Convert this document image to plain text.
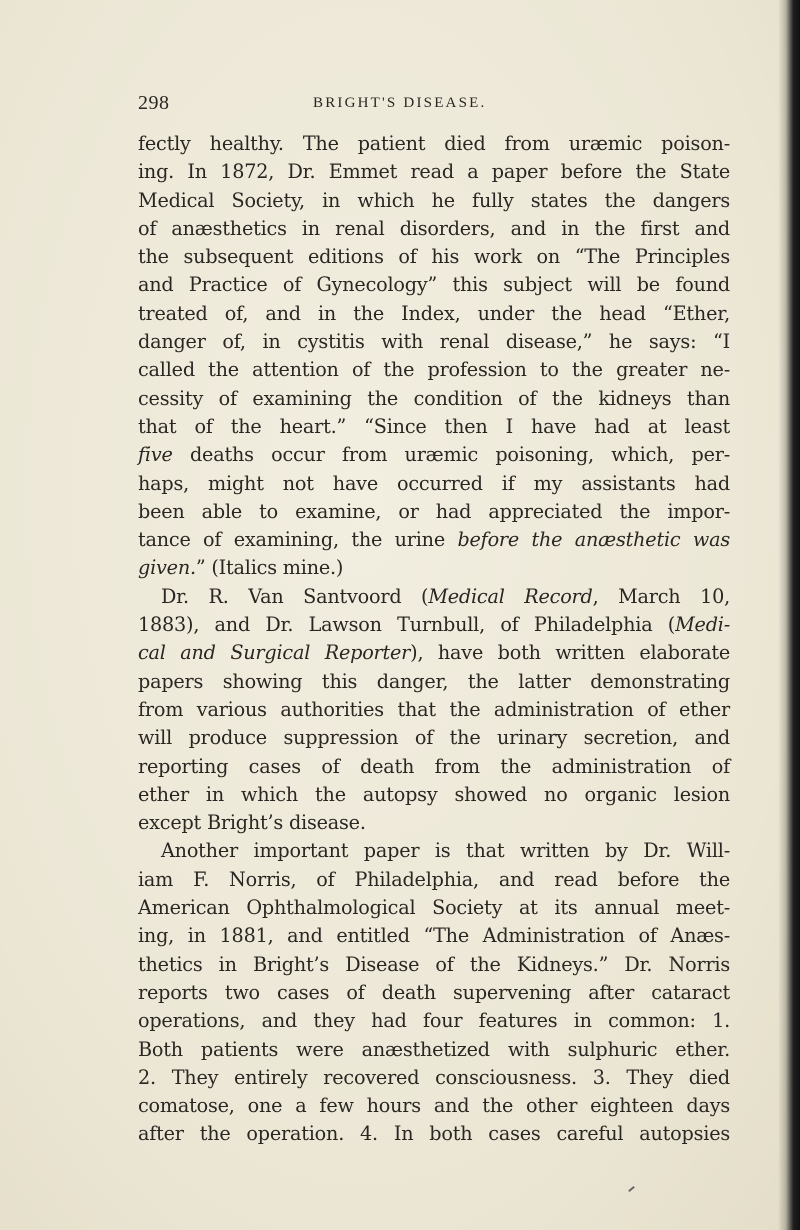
298	BRIGHT'S DISEASE.
fectly healthy. The patient died from uræmic poison-
ing. In 1872, Dr. Emmet read a paper before the State
Medical Society, in which he fully states the dangers
of anæsthetics in renal disorders, and in the first and
the subsequent editions of his work on “The Principles
and Practice of Gynecology” this subject will be found
treated of, and in the Index, under the head “Ether,
danger of, in cystitis with renal disease,” he says: “I
called the attention of the profession to the greater ne-
cessity of examining the condition of the kidneys than
that of the heart.” “Since then I have had at least
five deaths occur from uræmic poisoning, which, per-
haps, might not have occurred if my assistants had
been able to examine, or had appreciated the impor-
tance of examining, the urine before the anæsthetic was
given.” (Italics mine.)
Dr. R. Van Santvoord (Medical Record, March 10,
1883), and Dr. Lawson Turnbull, of Philadelphia (Medi-
cal and Surgical Reporter), have both written elaborate
papers showing this danger, the latter demonstrating
from various authorities that the administration of ether
will produce suppression of the urinary secretion, and
reporting cases of death from the administration of
ether in which the autopsy showed no organic lesion
except Bright’s disease.
Another important paper is that written by Dr. Will-
iam F. Norris, of Philadelphia, and read before the
American Ophthalmological Society at its annual meet-
ing, in 1881, and entitled “The Administration of Anæs-
thetics in Bright’s Disease of the Kidneys.” Dr. Norris
reports two cases of death supervening after cataract
operations, and they had four features in common: 1.
Both patients were anæsthetized with sulphuric ether.
2. They entirely recovered consciousness. 3. They died
comatose, one a few hours and the other eighteen days
after the operation. 4. In both cases careful autopsies
